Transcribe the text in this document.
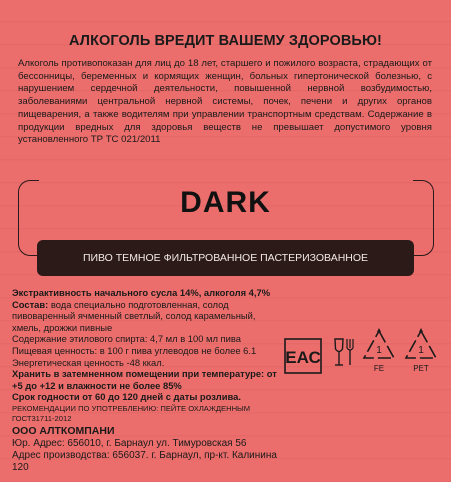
АЛКОГОЛЬ ВРЕДИТ ВАШЕМУ ЗДОРОВЬЮ!
Алкоголь противопоказан для лиц до 18 лет, старшего и пожилого возраста, страдающих от бессонницы, беременных и кормящих женщин, больных гипертонической болезнью, с нарушением сердечной деятельности, повышенной нервной возбудимостью, заболеваниями центральной нервной системы, почек, печени и других органов пищеварения, а также водителям при управлении транспортным средствам. Содержание в продукции вредных для здоровья веществ не превышает допустимого уровня установленного ТР ТС 021/2011
DARK
ПИВО ТЕМНОЕ ФИЛЬТРОВАННОЕ ПАСТЕРИЗОВАННОЕ

Экстрактивность начального сусла 14%, алкоголя 4,7%

Состав: вода специально подготовленная, солод пивоваренный ячменный светлый, солод карамельный, хмель, дрожжи пивные

Содержание этилового спирта: 4,7 мл в 100 мл пива

Пищевая ценность: в 100 г пива углеводов не более 6.1

Энергетическая ценность -48 ккал.

Хранить в затемненном помещении при температуре: от +5 до +12 и влажности не более 85%

Срок годности от 60 до 120 дней с даты розлива.

РЕКОМЕНДАЦИИ ПО УПОТРЕБЛЕНИЮ: ПЕЙТЕ ОХЛАЖДЕННЫМ

ГОСТ31711-2012

ООО АЛТКОМПАНИ

Юр. Адрес: 656010, г. Барнаул ул. Тимуровская 56

Адрес производства: 656037. г. Барнаул, пр-кт. Калинина 120

ЕАС	1
FE
1
PET
